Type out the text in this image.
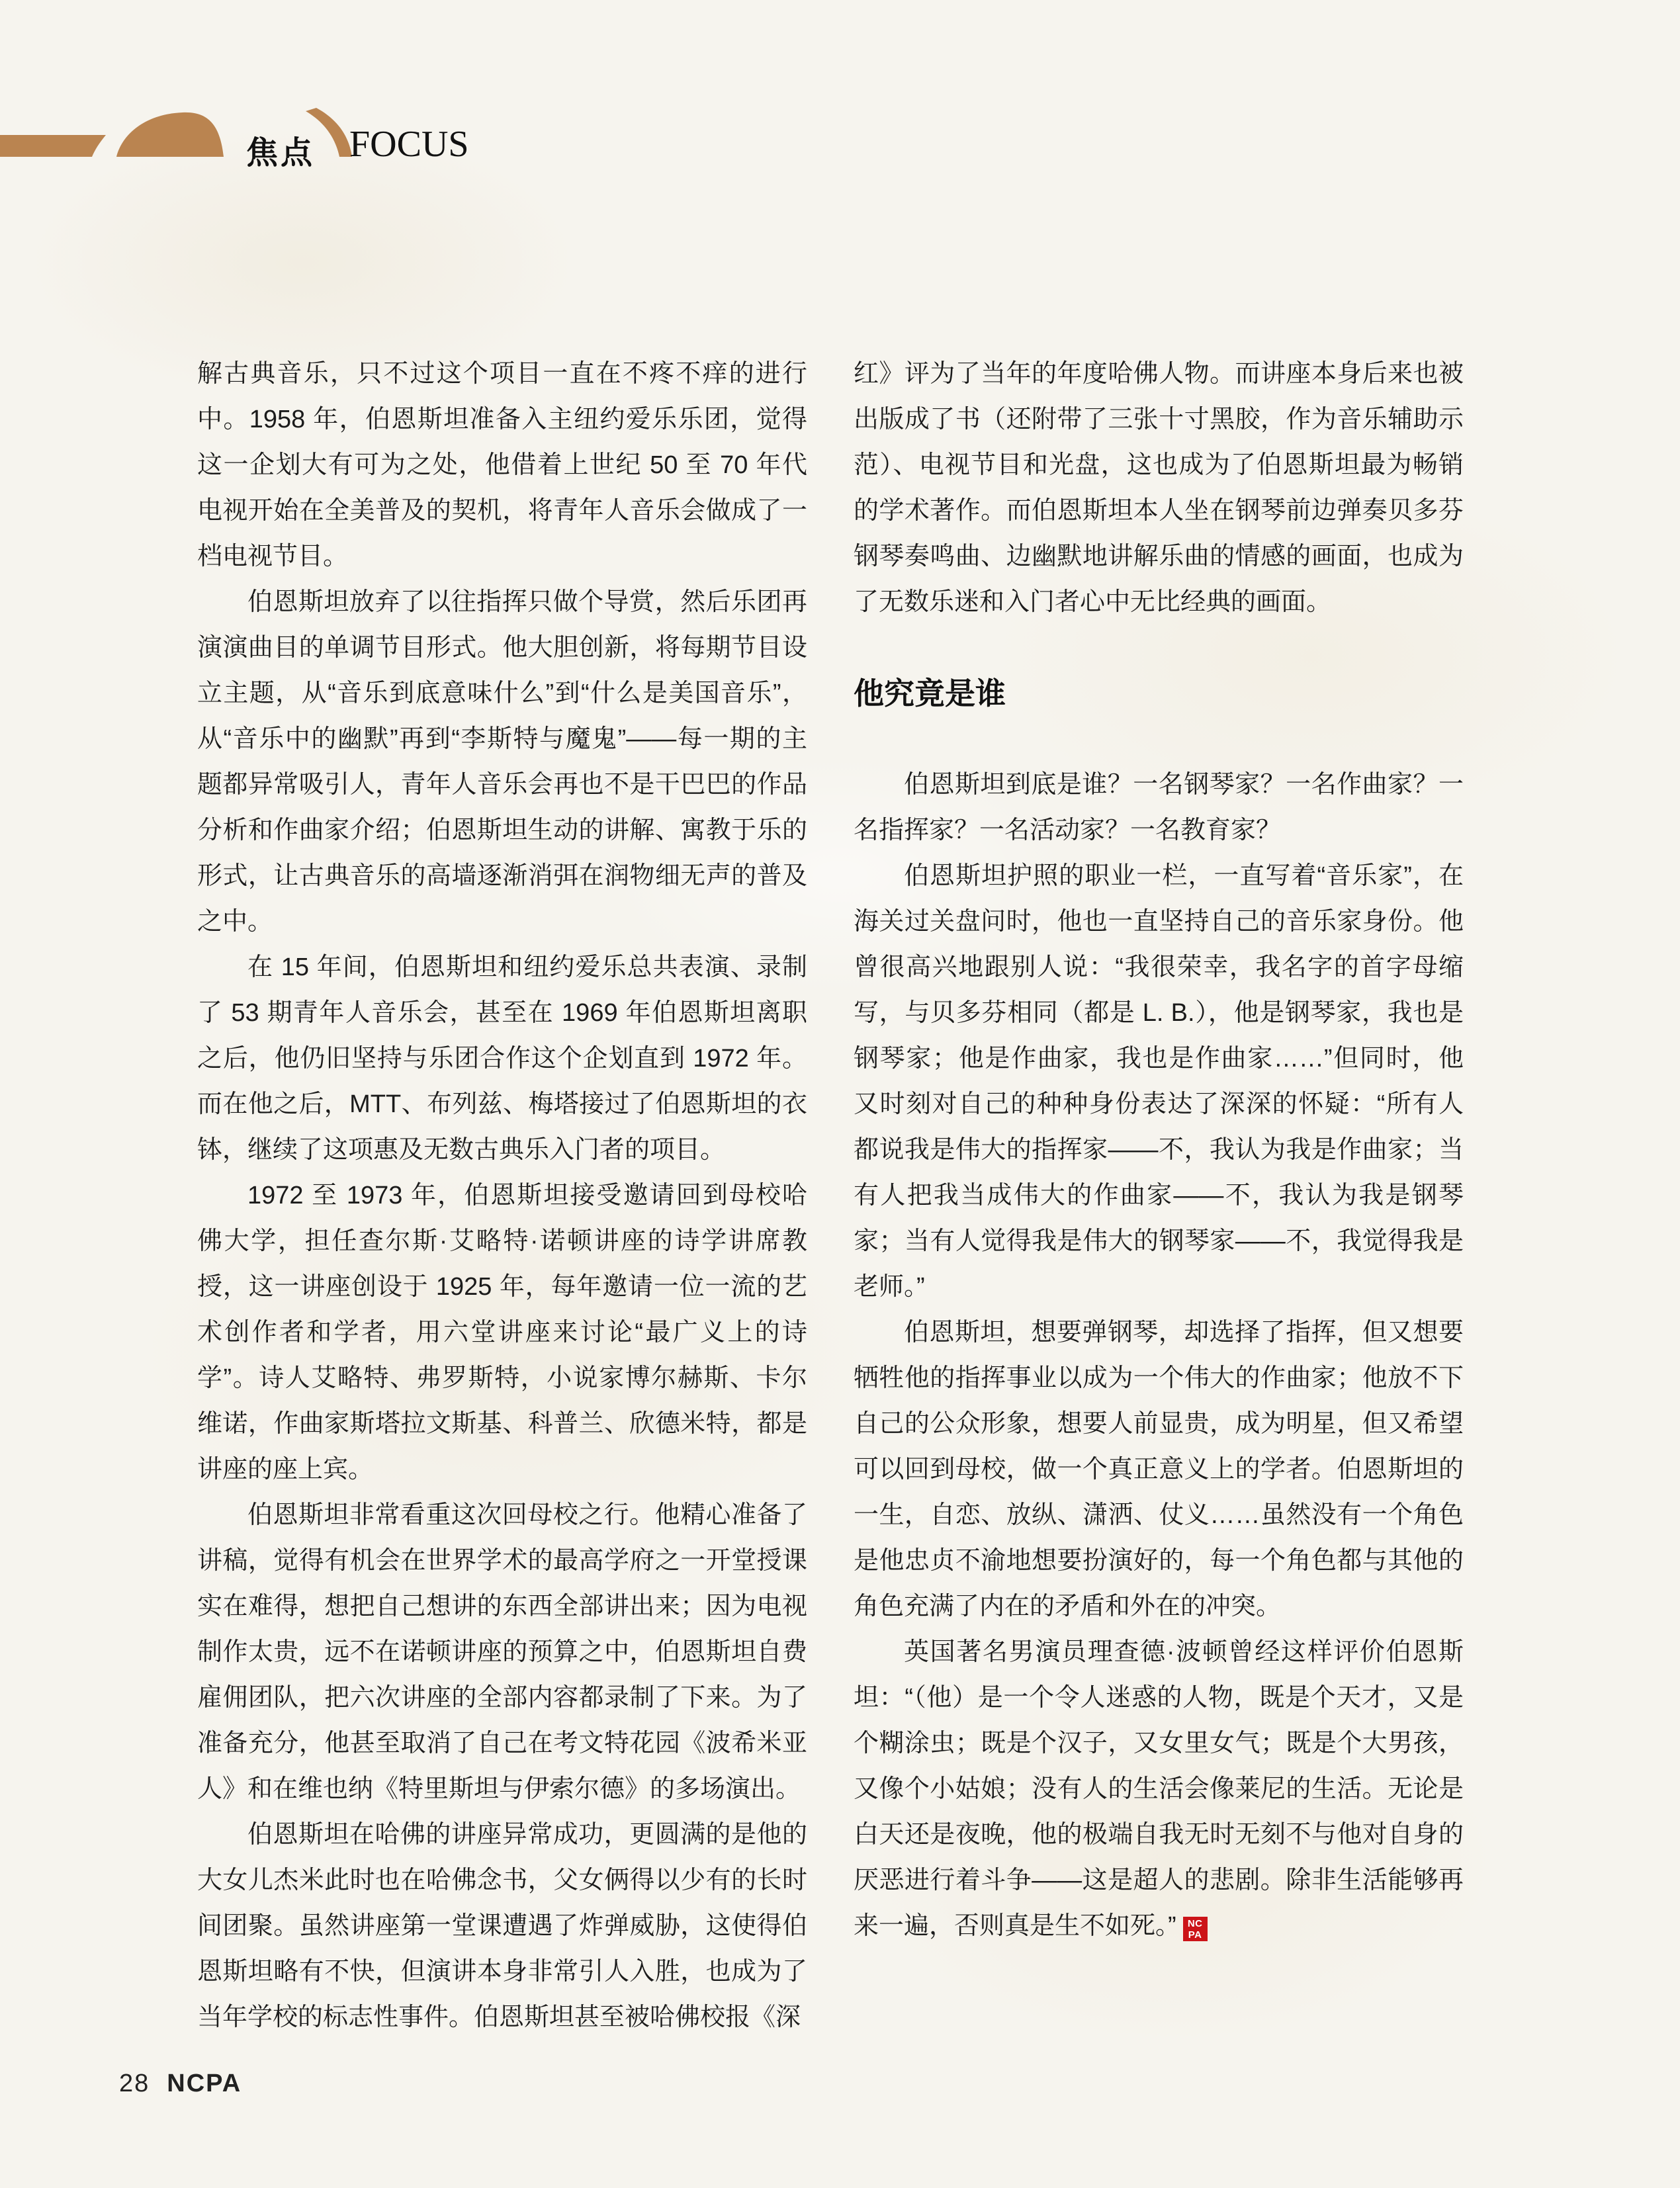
焦点 FOCUS

解古典音乐，只不过这个项目一直在不疼不痒的进行中。1958 年，伯恩斯坦准备入主纽约爱乐乐团，觉得这一企划大有可为之处，他借着上世纪 50 至 70 年代电视开始在全美普及的契机，将青年人音乐会做成了一档电视节目。

伯恩斯坦放弃了以往指挥只做个导赏，然后乐团再演演曲目的单调节目形式。他大胆创新，将每期节目设立主题，从“音乐到底意味什么”到“什么是美国音乐”，从“音乐中的幽默”再到“李斯特与魔鬼”——每一期的主题都异常吸引人，青年人音乐会再也不是干巴巴的作品分析和作曲家介绍；伯恩斯坦生动的讲解、寓教于乐的形式，让古典音乐的高墙逐渐消弭在润物细无声的普及之中。

在 15 年间，伯恩斯坦和纽约爱乐总共表演、录制了 53 期青年人音乐会，甚至在 1969 年伯恩斯坦离职之后，他仍旧坚持与乐团合作这个企划直到 1972 年。而在他之后，MTT、布列兹、梅塔接过了伯恩斯坦的衣钵，继续了这项惠及无数古典乐入门者的项目。

1972 至 1973 年，伯恩斯坦接受邀请回到母校哈佛大学，担任查尔斯·艾略特·诺顿讲座的诗学讲席教授，这一讲座创设于 1925 年，每年邀请一位一流的艺术创作者和学者，用六堂讲座来讨论“最广义上的诗学”。诗人艾略特、弗罗斯特，小说家博尔赫斯、卡尔维诺，作曲家斯塔拉文斯基、科普兰、欣德米特，都是讲座的座上宾。

伯恩斯坦非常看重这次回母校之行。他精心准备了讲稿，觉得有机会在世界学术的最高学府之一开堂授课实在难得，想把自己想讲的东西全部讲出来；因为电视制作太贵，远不在诺顿讲座的预算之中，伯恩斯坦自费雇佣团队，把六次讲座的全部内容都录制了下来。为了准备充分，他甚至取消了自己在考文特花园《波希米亚人》和在维也纳《特里斯坦与伊索尔德》的多场演出。

伯恩斯坦在哈佛的讲座异常成功，更圆满的是他的大女儿杰米此时也在哈佛念书，父女俩得以少有的长时间团聚。虽然讲座第一堂课遭遇了炸弹威胁，这使得伯恩斯坦略有不快，但演讲本身非常引人入胜，也成为了当年学校的标志性事件。伯恩斯坦甚至被哈佛校报《深

红》评为了当年的年度哈佛人物。而讲座本身后来也被出版成了书（还附带了三张十寸黑胶，作为音乐辅助示范）、电视节目和光盘，这也成为了伯恩斯坦最为畅销的学术著作。而伯恩斯坦本人坐在钢琴前边弹奏贝多芬钢琴奏鸣曲、边幽默地讲解乐曲的情感的画面，也成为了无数乐迷和入门者心中无比经典的画面。

他究竟是谁

伯恩斯坦到底是谁？一名钢琴家？一名作曲家？一名指挥家？一名活动家？一名教育家？

伯恩斯坦护照的职业一栏，一直写着“音乐家”，在海关过关盘问时，他也一直坚持自己的音乐家身份。他曾很高兴地跟别人说：“我很荣幸，我名字的首字母缩写，与贝多芬相同（都是 L. B.），他是钢琴家，我也是钢琴家；他是作曲家，我也是作曲家……”但同时，他又时刻对自己的种种身份表达了深深的怀疑：“所有人都说我是伟大的指挥家——不，我认为我是作曲家；当有人把我当成伟大的作曲家——不，我认为我是钢琴家；当有人觉得我是伟大的钢琴家——不，我觉得我是老师。”

伯恩斯坦，想要弹钢琴，却选择了指挥，但又想要牺牲他的指挥事业以成为一个伟大的作曲家；他放不下自己的公众形象，想要人前显贵，成为明星，但又希望可以回到母校，做一个真正意义上的学者。伯恩斯坦的一生，自恋、放纵、潇洒、仗义……虽然没有一个角色是他忠贞不渝地想要扮演好的，每一个角色都与其他的角色充满了内在的矛盾和外在的冲突。

英国著名男演员理查德·波顿曾经这样评价伯恩斯坦：“（他）是一个令人迷惑的人物，既是个天才，又是个糊涂虫；既是个汉子，又女里女气；既是个大男孩，又像个小姑娘；没有人的生活会像莱尼的生活。无论是白天还是夜晚，他的极端自我无时无刻不与他对自身的厌恶进行着斗争——这是超人的悲剧。除非生活能够再来一遍，否则真是生不如死。” NC
PA

28 NCPA
